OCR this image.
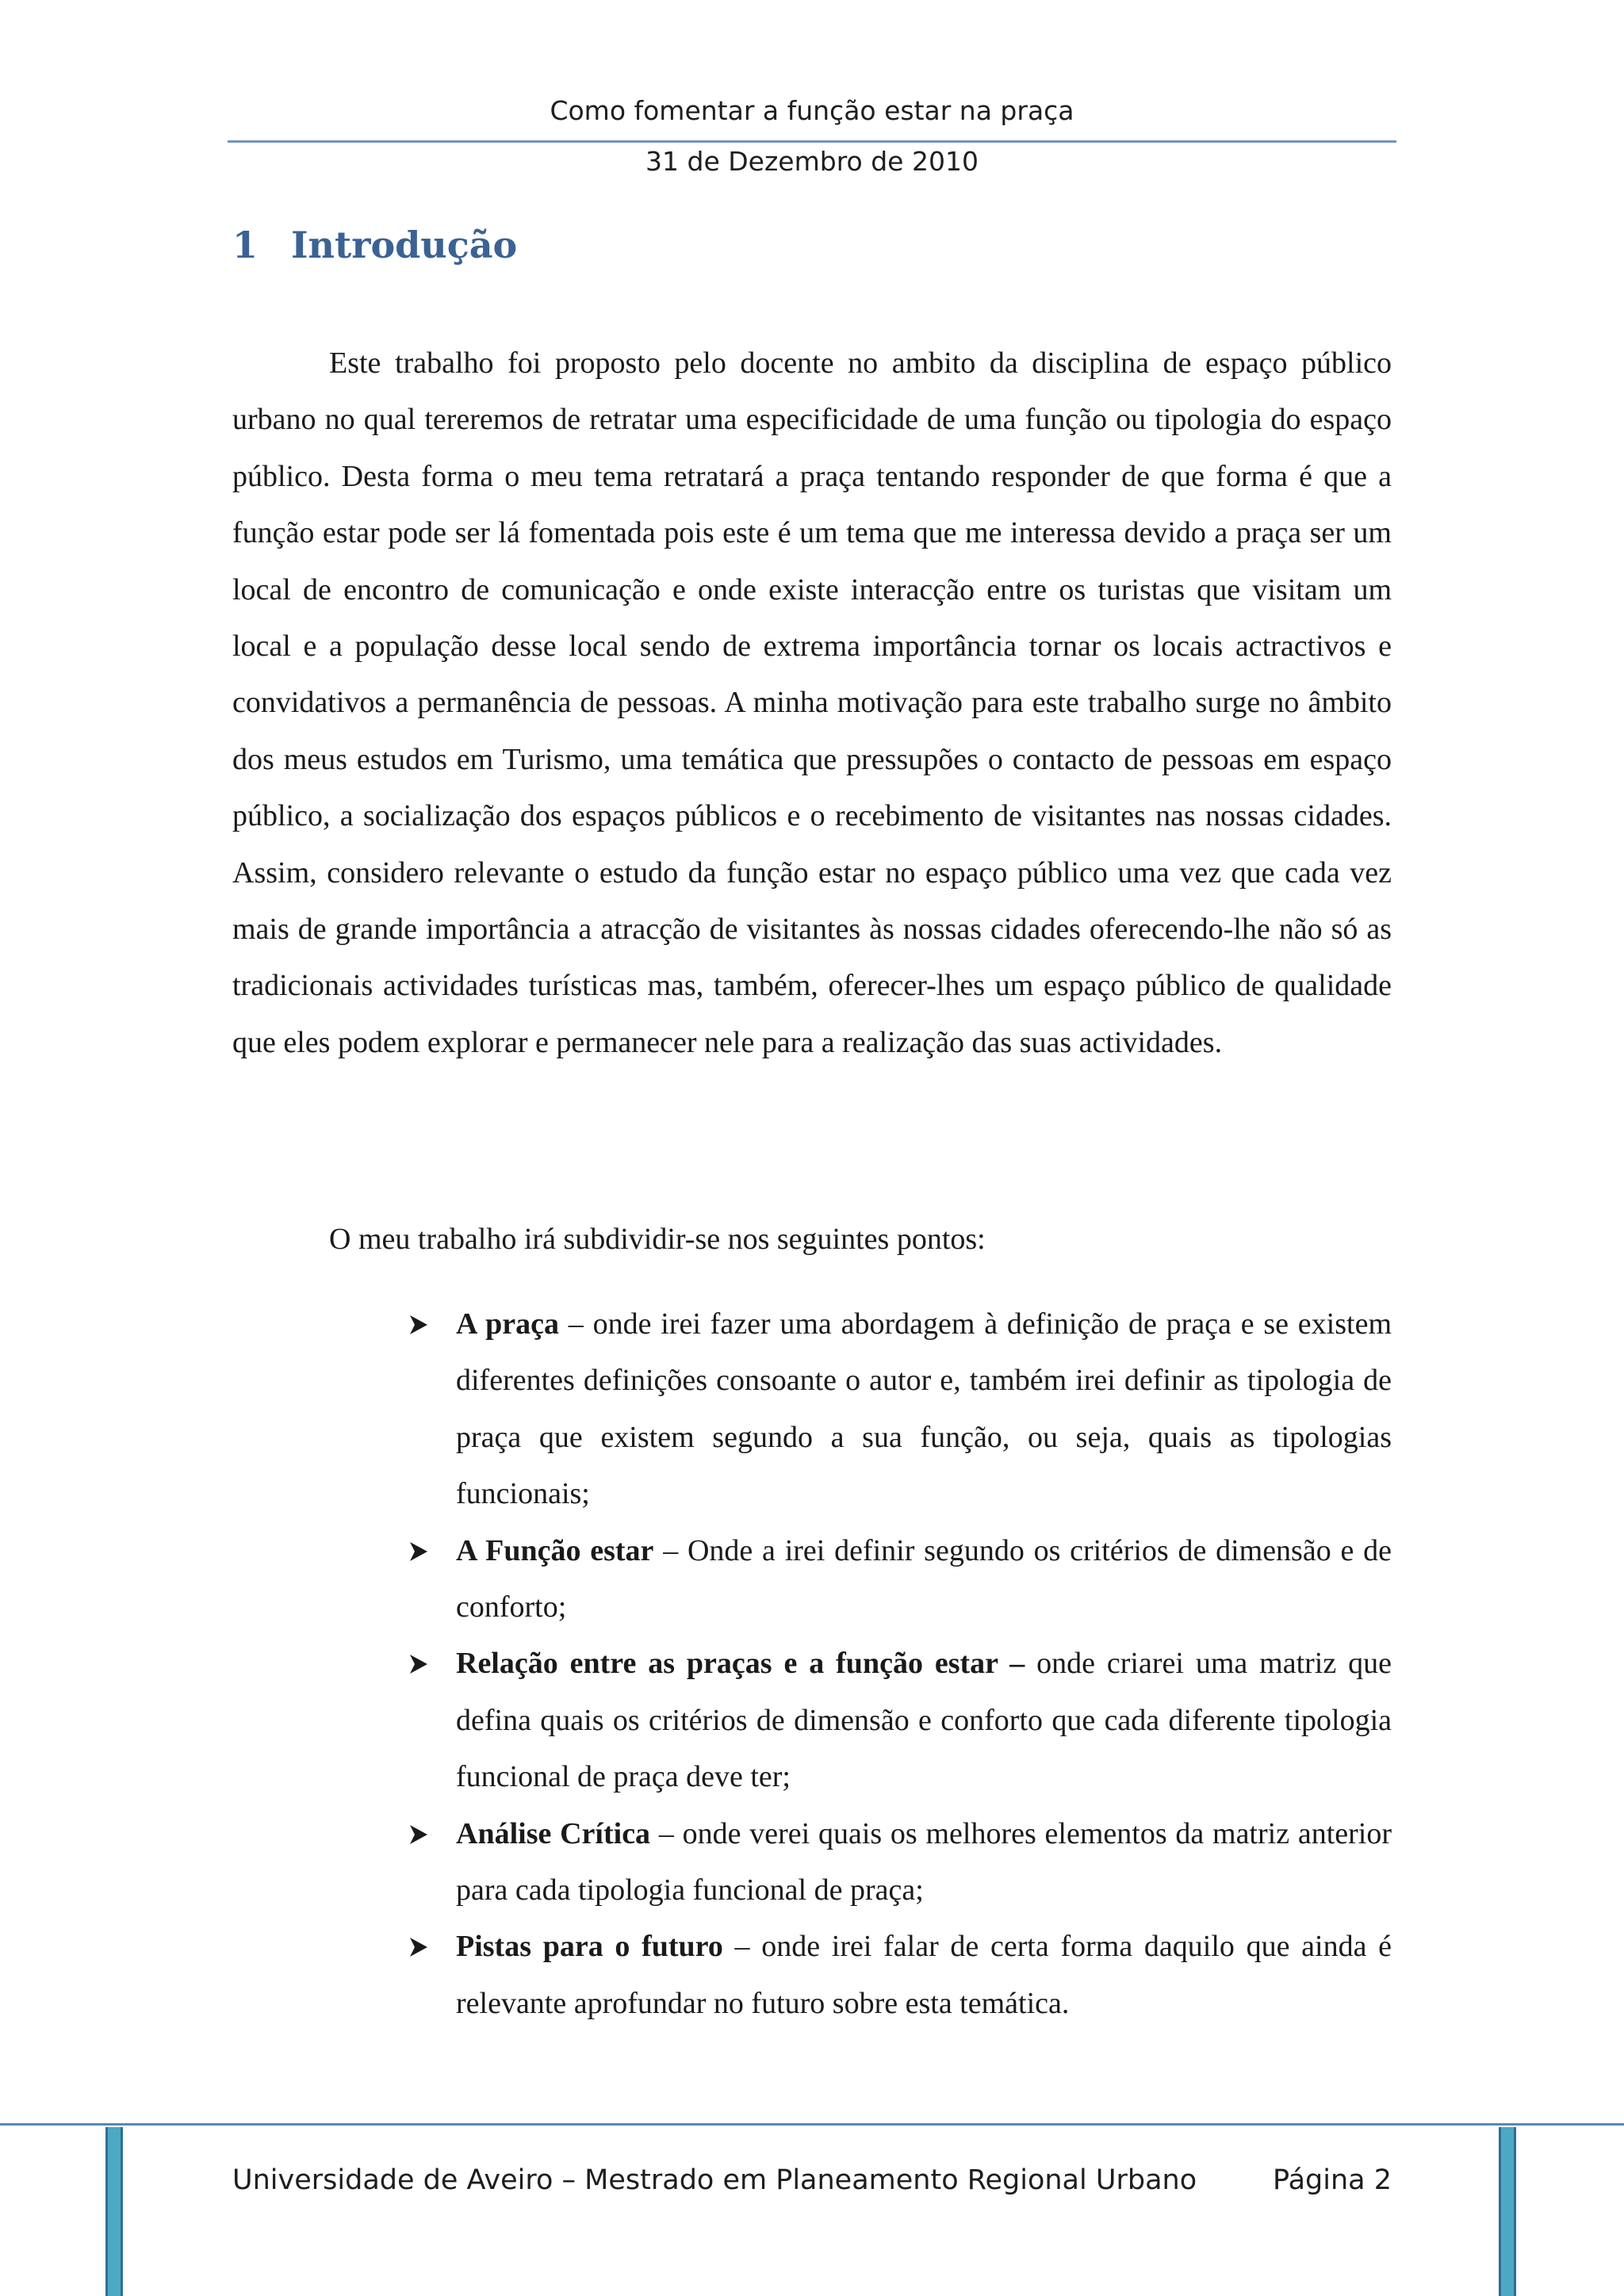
Como fomentar a função estar na praça
31 de Dezembro de 2010
1 Introdução

Este trabalho foi proposto pelo docente no ambito da disciplina de espaço público urbano no qual tereremos de retratar uma especificidade de uma função ou tipologia do espaço público. Desta forma o meu tema retratará a praça tentando responder de que forma é que a função estar pode ser lá fomentada pois este é um tema que me interessa devido a praça ser um local de encontro de comunicação e onde existe interacção entre os turistas que visitam um local e a população desse local sendo de extrema importância tornar os locais actractivos e convidativos a permanência de pessoas. A minha motivação para este trabalho surge no âmbito dos meus estudos em Turismo, uma temática que pressupões o contacto de pessoas em espaço público, a socialização dos espaços públicos e o recebimento de visitantes nas nossas cidades. Assim, considero relevante o estudo da função estar no espaço público uma vez que cada vez mais de grande importância a atracção de visitantes às nossas cidades oferecendo-lhe não só as tradicionais actividades turísticas mas, também, oferecer-lhes um espaço público de qualidade que eles podem explorar e permanecer nele para a realização das suas actividades.

O meu trabalho irá subdividir-se nos seguintes pontos:
A praça – onde irei fazer uma abordagem à definição de praça e se existem diferentes definições consoante o autor e, também irei definir as tipologia de praça que existem segundo a sua função, ou seja, quais as tipologias funcionais;
A Função estar – Onde a irei definir segundo os critérios de dimensão e de conforto;
Relação entre as praças e a função estar – onde criarei uma matriz que defina quais os critérios de dimensão e conforto que cada diferente tipologia funcional de praça deve ter;
Análise Crítica – onde verei quais os melhores elementos da matriz anterior para cada tipologia funcional de praça;
Pistas para o futuro – onde irei falar de certa forma daquilo que ainda é relevante aprofundar no futuro sobre esta temática.
Universidade de Aveiro – Mestrado em Planeamento Regional Urbano	Página 2
